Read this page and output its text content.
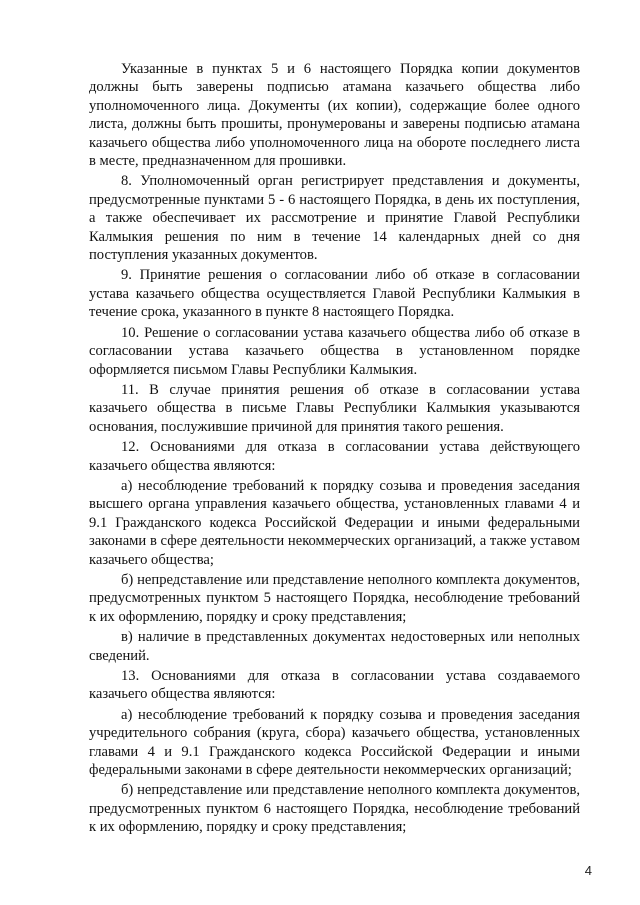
Указанные в пунктах 5 и 6 настоящего Порядка копии документов должны быть заверены подписью атамана казачьего общества либо уполномоченного лица. Документы (их копии), содержащие более одного листа, должны быть прошиты, пронумерованы и заверены подписью атамана казачьего общества либо уполномоченного лица на обороте последнего листа в месте, предназначенном для прошивки.

8. Уполномоченный орган регистрирует представления и документы, предусмотренные пунктами 5 - 6 настоящего Порядка, в день их поступления, а также обеспечивает их рассмотрение и принятие Главой Республики Калмыкия решения по ним в течение 14 календарных дней со дня поступления указанных документов.

9. Принятие решения о согласовании либо об отказе в согласовании устава казачьего общества осуществляется Главой Республики Калмыкия в течение срока, указанного в пункте 8 настоящего Порядка.

10. Решение о согласовании устава казачьего общества либо об отказе в согласовании устава казачьего общества в установленном порядке оформляется письмом Главы Республики Калмыкия.

11. В случае принятия решения об отказе в согласовании устава казачьего общества в письме Главы Республики Калмыкия указываются основания, послужившие причиной для принятия такого решения.

12. Основаниями для отказа в согласовании устава действующего казачьего общества являются:

а) несоблюдение требований к порядку созыва и проведения заседания высшего органа управления казачьего общества, установленных главами 4 и 9.1 Гражданского кодекса Российской Федерации и иными федеральными законами в сфере деятельности некоммерческих организаций, а также уставом казачьего общества;

б) непредставление или представление неполного комплекта документов, предусмотренных пунктом 5 настоящего Порядка, несоблюдение требований к их оформлению, порядку и сроку представления;

в) наличие в представленных документах недостоверных или неполных сведений.

13. Основаниями для отказа в согласовании устава создаваемого казачьего общества являются:

а) несоблюдение требований к порядку созыва и проведения заседания учредительного собрания (круга, сбора) казачьего общества, установленных главами 4 и 9.1 Гражданского кодекса Российской Федерации и иными федеральными законами в сфере деятельности некоммерческих организаций;

б) непредставление или представление неполного комплекта документов, предусмотренных пунктом 6 настоящего Порядка, несоблюдение требований к их оформлению, порядку и сроку представления;

4
